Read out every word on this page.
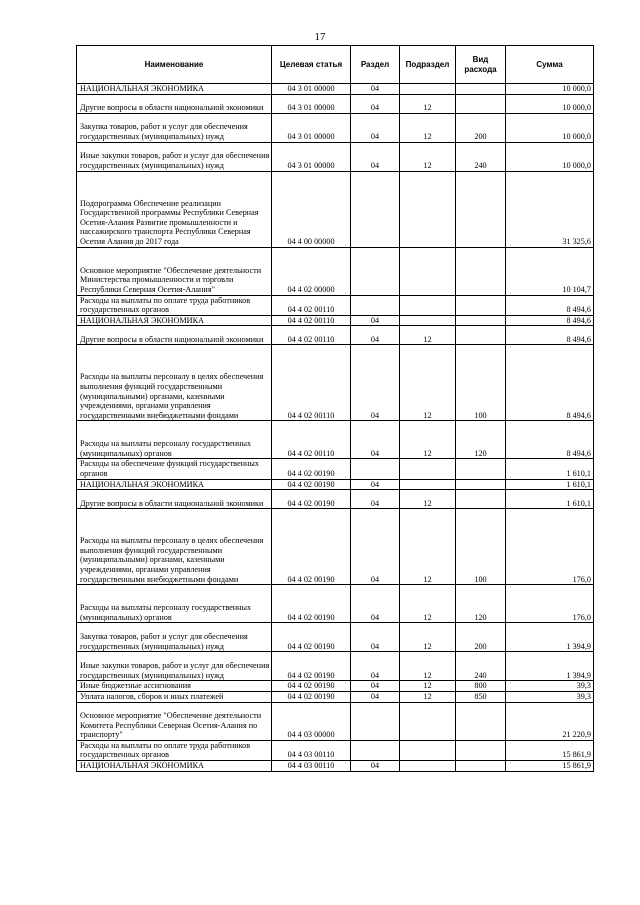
17
Наименование	Целевая статья	Раздел	Подраздел	Вид расхода	Сумма
НАЦИОНАЛЬНАЯ ЭКОНОМИКА	04 3 01 00000	04			10 000,0
Другие вопросы в области национальной экономики	04 3 01 00000	04	12		10 000,0
Закупка товаров, работ и услуг для обеспечения государственных (муниципальных) нужд	04 3 01 00000	04	12	200	10 000,0
Иные закупки товаров, работ и услуг для обеспечения государственных (муниципальных) нужд	04 3 01 00000	04	12	240	10 000,0
Подпрограмма Обеспечение реализации Государственной программы Республики Северная Осетия-Алания Развитие промышленности и пассажирского транспорта Республики Северная Осетия Алания до 2017 года	04 4 00 00000				31 325,6
Основное мероприятие "Обеспечение деятельности Министерства промышленности и торговли Республики Северная Осетия-Алания"	04 4 02 00000				10 104,7
Расходы на выплаты по оплате труда работников государственных органов	04 4 02 00110				8 494,6
НАЦИОНАЛЬНАЯ ЭКОНОМИКА	04 4 02 00110	04			8 494,6
Другие вопросы в области национальной экономики	04 4 02 00110	04	12		8 494,6
Расходы на выплаты персоналу в целях обеспечения выполнения функций государственными (муниципальными) органами, казенными учреждениями, органами управления государственными внебюджетными фондами	04 4 02 00110	04	12	100	8 494,6
Расходы на выплаты персоналу государственных (муниципальных) органов	04 4 02 00110	04	12	120	8 494,6
Расходы на обеспечение функций государственных органов	04 4 02 00190				1 610,1
НАЦИОНАЛЬНАЯ ЭКОНОМИКА	04 4 02 00190	04			1 610,1
Другие вопросы в области национальной экономики	04 4 02 00190	04	12		1 610,1
Расходы на выплаты персоналу в целях обеспечения выполнения функций государственными (муниципальными) органами, казенными учреждениями, органами управления государственными внебюджетными фондами	04 4 02 00190	04	12	100	176,0
Расходы на выплаты персоналу государственных (муниципальных) органов	04 4 02 00190	04	12	120	176,0
Закупка товаров, работ и услуг для обеспечения государственных (муниципальных) нужд	04 4 02 00190	04	12	200	1 394,9
Иные закупки товаров, работ и услуг для обеспечения государственных (муниципальных) нужд	04 4 02 00190	04	12	240	1 394,9
Иные бюджетные ассигнования	04 4 02 00190	04	12	800	39,3
Уплата налогов, сборов и иных платежей	04 4 02 00190	04	12	850	39,3
Основное мероприятие "Обеспечение деятельности Комитета Республики Северная Осетия-Алания по транспорту"	04 4 03 00000				21 220,9
Расходы на выплаты по оплате труда работников государственных органов	04 4 03 00110				15 861,9
НАЦИОНАЛЬНАЯ ЭКОНОМИКА	04 4 03 00110	04			15 861,9
